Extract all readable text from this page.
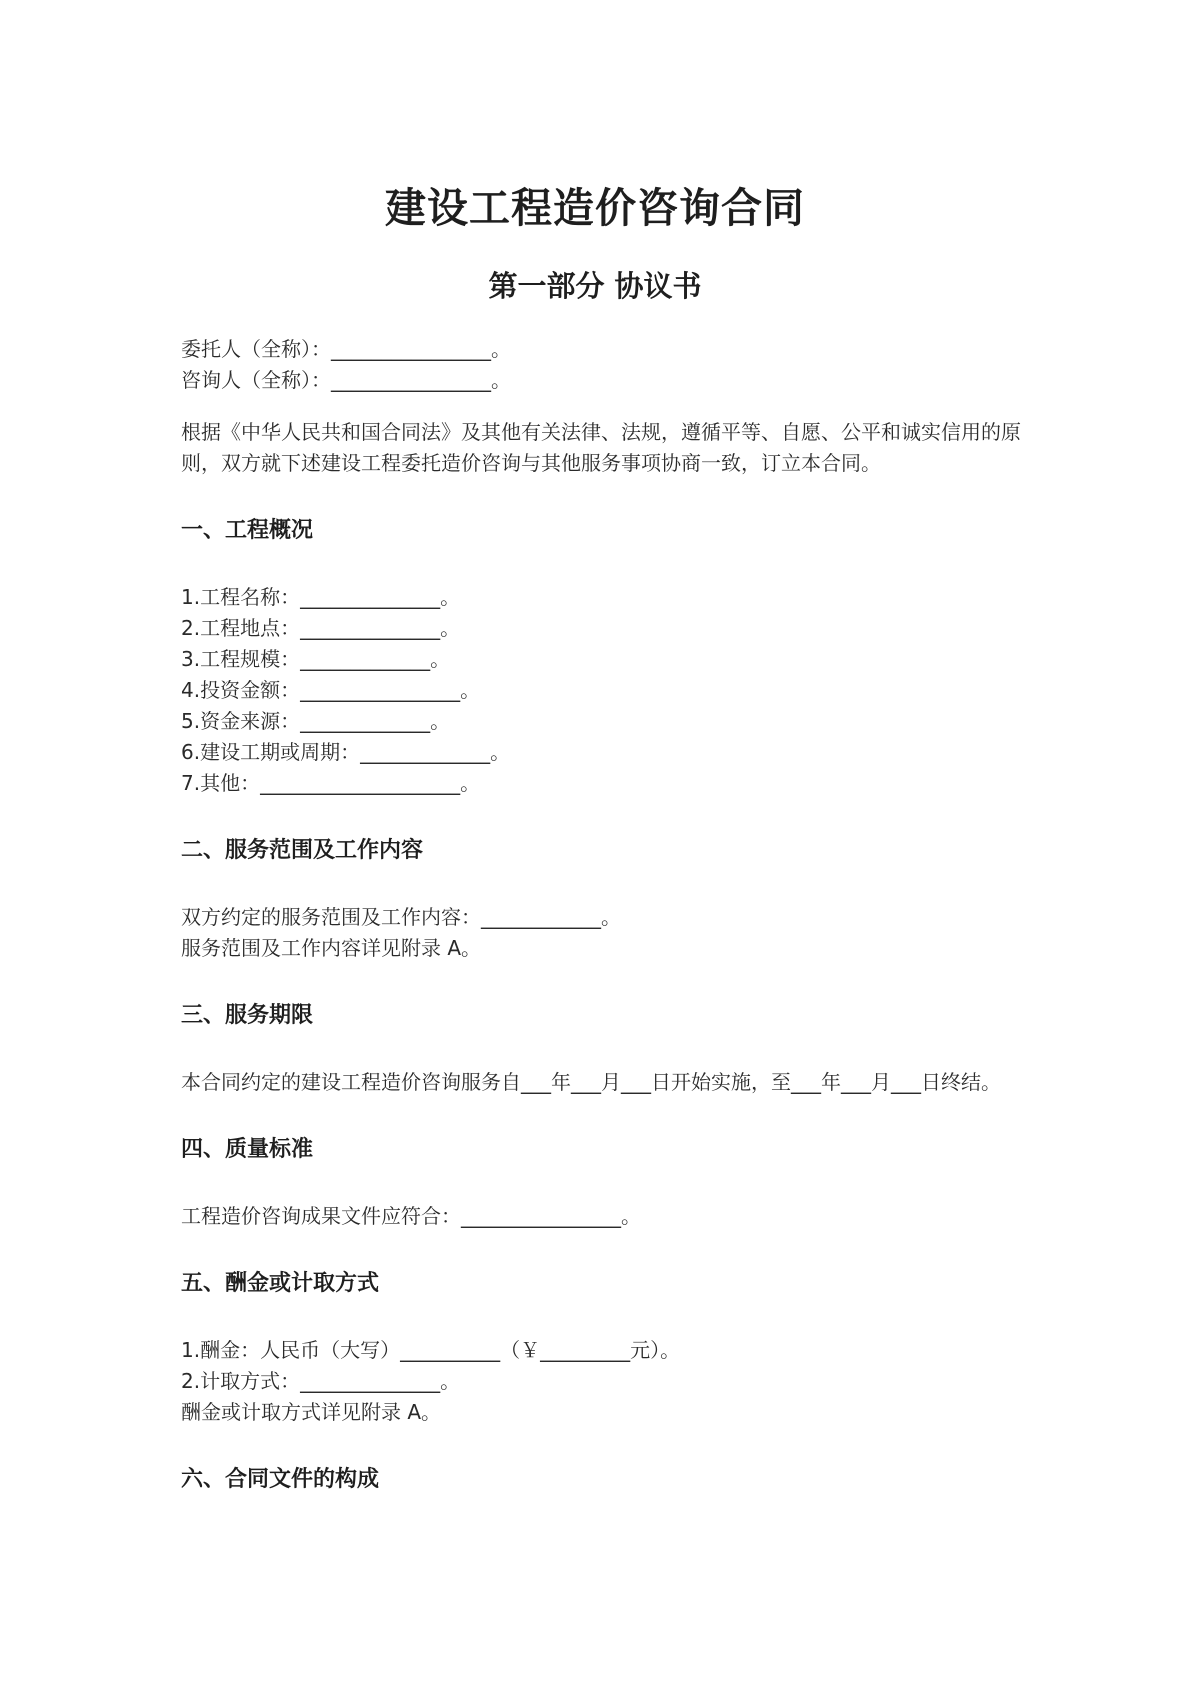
建设工程造价咨询合同
第一部分 协议书
委托人（全称）：________________。
咨询人（全称）：________________。
根据《中华人民共和国合同法》及其他有关法律、法规，遵循平等、自愿、公平和诚实信用的原则，双方就下述建设工程委托造价咨询与其他服务事项协商一致，订立本合同。
一、工程概况
1.工程名称：______________。
2.工程地点：______________。
3.工程规模：_____________。
4.投资金额：________________。
5.资金来源：_____________。
6.建设工期或周期：_____________。
7.其他：____________________。
二、服务范围及工作内容
双方约定的服务范围及工作内容：____________。
服务范围及工作内容详见附录 A。
三、服务期限
本合同约定的建设工程造价咨询服务自___年___月___日开始实施，至___年___月___日终结。
四、质量标准
工程造价咨询成果文件应符合：________________。
五、酬金或计取方式
1.酬金：人民币（大写）__________（￥_________元）。
2.计取方式：______________。
酬金或计取方式详见附录 A。
六、合同文件的构成
